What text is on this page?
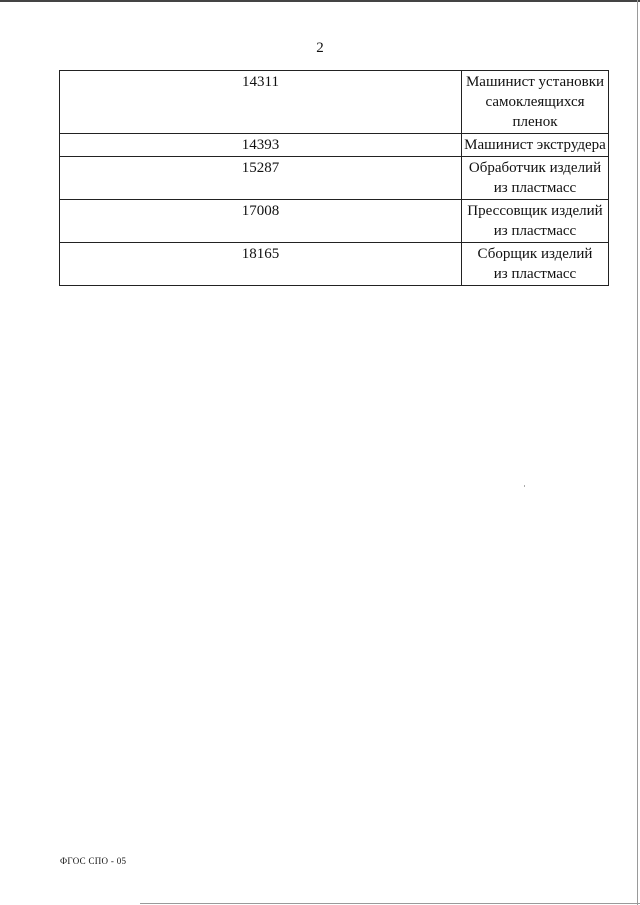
2
14311	Машинист установки
самоклеящихся
пленок
14393	Машинист экструдера
15287	Обработчик изделий
из пластмасс
17008	Прессовщик изделий
из пластмасс
18165	Сборщик изделий
из пластмасс
ФГОС СПО - 05
